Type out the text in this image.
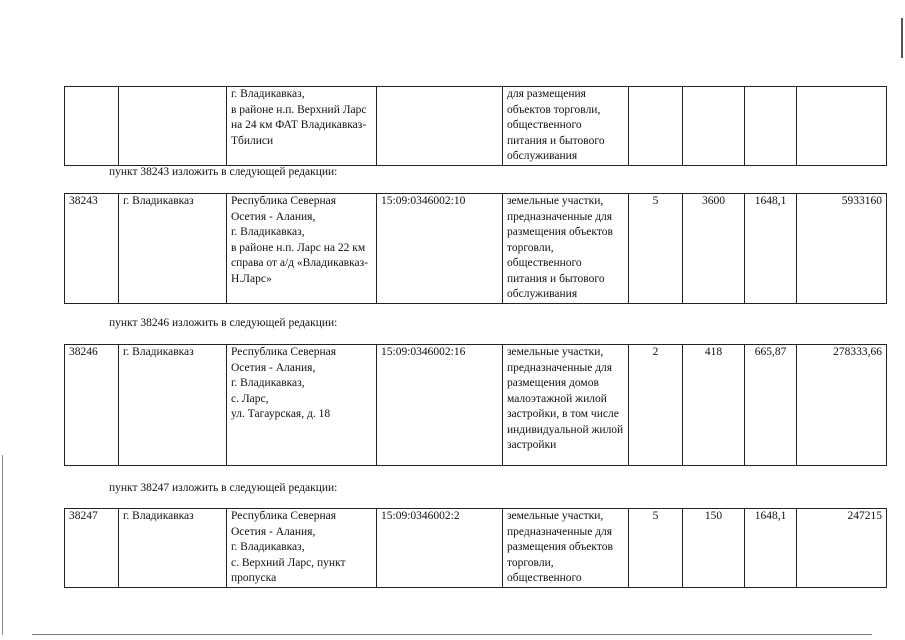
		г. Владикавказ,
в районе н.п. Верхний Ларс на 24 км ФАТ Владикавказ-Тбилиси		для размещения объектов торговли, общественного питания и бытового обслуживания				
пункт 38243 изложить в следующей редакции:
38243	г. Владикавказ	Республика Северная Осетия - Алания,
г. Владикавказ,
в районе н.п. Ларс на 22 км справа от а/д «Владикавказ-Н.Ларс»	15:09:0346002:10	земельные участки, предназначенные для размещения объектов торговли, общественного питания и бытового обслуживания	5	3600	1648,1	5933160
пункт 38246 изложить в следующей редакции:
38246	г. Владикавказ	Республика Северная Осетия - Алания,
г. Владикавказ,
с. Ларс,
ул. Тагаурская, д. 18	15:09:0346002:16	земельные участки, предназначенные для размещения домов малоэтажной жилой застройки, в том числе индивидуальной жилой застройки	2	418	665,87	278333,66
пункт 38247 изложить в следующей редакции:
38247	г. Владикавказ	Республика Северная Осетия - Алания,
г. Владикавказ,
с. Верхний Ларс, пункт пропуска	15:09:0346002:2	земельные участки, предназначенные для размещения объектов торговли, общественного	5	150	1648,1	247215
